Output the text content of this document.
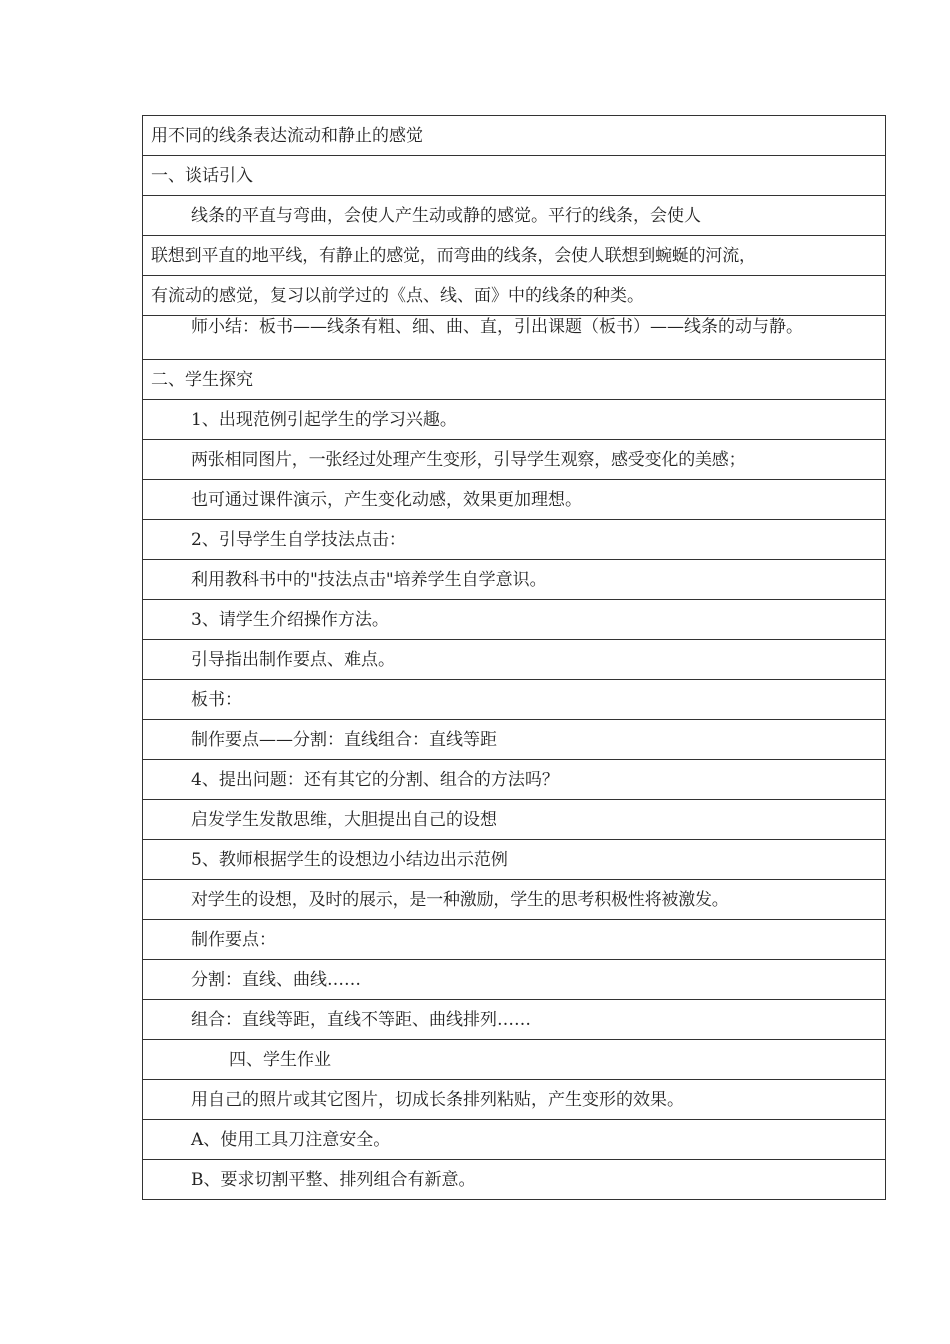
用不同的线条表达流动和静止的感觉
一、谈话引入
线条的平直与弯曲，会使人产生动或静的感觉。平行的线条，会使人
联想到平直的地平线，有静止的感觉，而弯曲的线条，会使人联想到蜿蜒的河流，
有流动的感觉，复习以前学过的《点、线、面》中的线条的种类。
师小结：板书——线条有粗、细、曲、直，引出课题（板书）——线条的动与静。
二、学生探究
1、出现范例引起学生的学习兴趣。
两张相同图片，一张经过处理产生变形，引导学生观察，感受变化的美感；
也可通过课件演示，产生变化动感，效果更加理想。
2、引导学生自学技法点击：
利用教科书中的"技法点击"培养学生自学意识。
3、请学生介绍操作方法。
引导指出制作要点、难点。
板书：
制作要点——分割：直线组合：直线等距
4、提出问题：还有其它的分割、组合的方法吗？
启发学生发散思维，大胆提出自己的设想
5、教师根据学生的设想边小结边出示范例
对学生的设想，及时的展示，是一种激励，学生的思考积极性将被激发。
制作要点：
分割：直线、曲线……
组合：直线等距，直线不等距、曲线排列……
四、学生作业
用自己的照片或其它图片，切成长条排列粘贴，产生变形的效果。
A、使用工具刀注意安全。
B、要求切割平整、排列组合有新意。
